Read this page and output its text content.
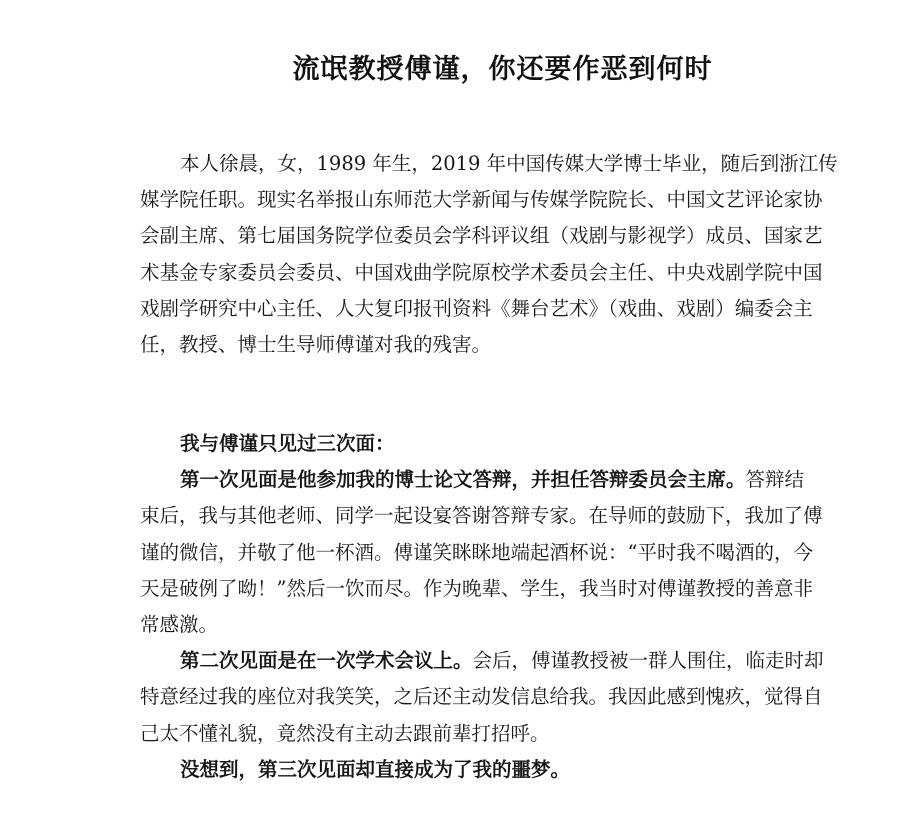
流氓教授傅谨，你还要作恶到何时
本人徐晨，女，1989 年生，2019 年中国传媒大学博士毕业，随后到浙江传
媒学院任职。现实名举报山东师范大学新闻与传媒学院院长、中国文艺评论家协
会副主席、第七届国务院学位委员会学科评议组（戏剧与影视学）成员、国家艺
术基金专家委员会委员、中国戏曲学院原校学术委员会主任、中央戏剧学院中国
戏剧学研究中心主任、人大复印报刊资料《舞台艺术》（戏曲、戏剧）编委会主
任，教授、博士生导师傅谨对我的残害。
我与傅谨只见过三次面：
第一次见面是他参加我的博士论文答辩，并担任答辩委员会主席。答辩结
束后，我与其他老师、同学一起设宴答谢答辩专家。在导师的鼓励下，我加了傅
谨的微信，并敬了他一杯酒。傅谨笑眯眯地端起酒杯说：“平时我不喝酒的，今
天是破例了呦！”然后一饮而尽。作为晚辈、学生，我当时对傅谨教授的善意非
常感激。
第二次见面是在一次学术会议上。会后，傅谨教授被一群人围住，临走时却
特意经过我的座位对我笑笑，之后还主动发信息给我。我因此感到愧疚，觉得自
己太不懂礼貌，竟然没有主动去跟前辈打招呼。
没想到，第三次见面却直接成为了我的噩梦。
